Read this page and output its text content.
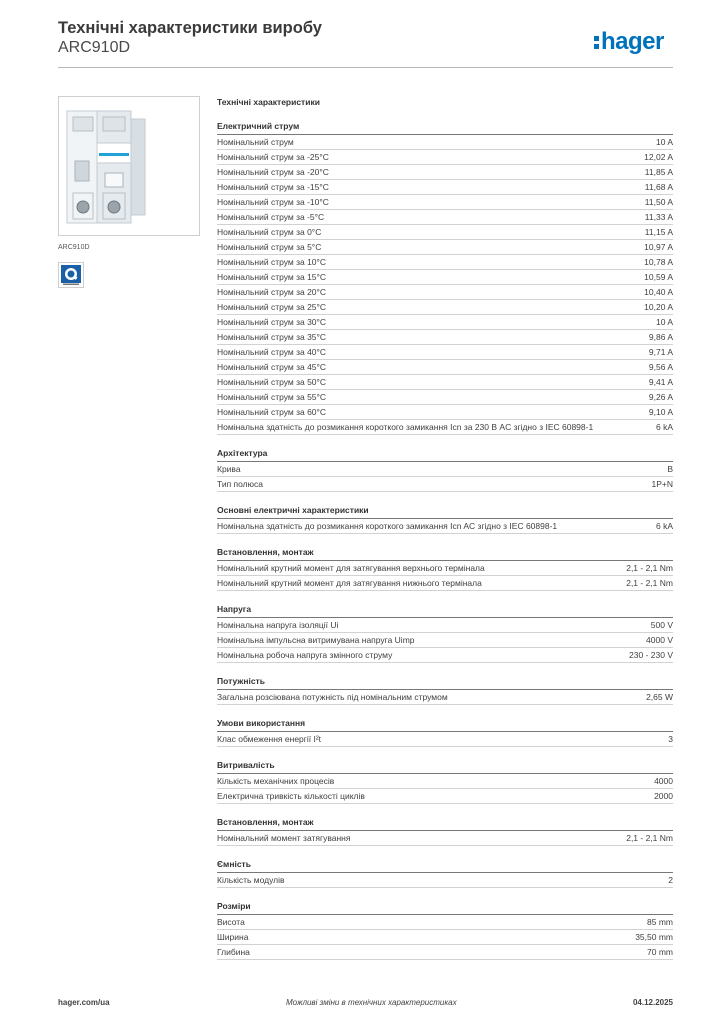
Технічні характеристики виробу
ARC910D	hager
ARC910D
Технічні характеристики
Електричний струм
Номінальний струм	10 A
Номінальний струм за -25°C	12,02 A
Номінальний струм за -20°C	11,85 A
Номінальний струм за -15°C	11,68 A
Номінальний струм за -10°C	11,50 A
Номінальний струм за -5°C	11,33 A
Номінальний струм за 0°C	11,15 A
Номінальний струм за 5°C	10,97 A
Номінальний струм за 10°C	10,78 A
Номінальний струм за 15°C	10,59 A
Номінальний струм за 20°C	10,40 A
Номінальний струм за 25°C	10,20 A
Номінальний струм за 30°C	10 A
Номінальний струм за 35°C	9,86 A
Номінальний струм за 40°C	9,71 A
Номінальний струм за 45°C	9,56 A
Номінальний струм за 50°C	9,41 A
Номінальний струм за 55°C	9,26 A
Номінальний струм за 60°C	9,10 A
Номінальна здатність до розмикання короткого замикання Icn за 230 В AC згідно з IEC 60898-1	6 kA
Архітектура
Крива	B
Тип полюса	1P+N
Основні електричні характеристики
Номінальна здатність до розмикання короткого замикання Icn AC згідно з IEC 60898-1	6 kA
Встановлення, монтаж
Номінальний крутний момент для затягування верхнього термінала	2,1 - 2,1 Nm
Номінальний крутний момент для затягування нижнього термінала	2,1 - 2,1 Nm
Напруга
Номінальна напруга ізоляції Ui	500 V
Номінальна імпульсна витримувана напруга Uimp	4000 V
Номінальна робоча напруга змінного струму	230 - 230 V
Потужність
Загальна розсіювана потужність під номінальним струмом	2,65 W
Умови використання
Клас обмеження енергії I²t	3
Витривалість
Кількість механічних процесів	4000
Електрична тривкість кількості циклів	2000
Встановлення, монтаж
Номінальний момент затягування	2,1 - 2,1 Nm
Ємність
Кількість модулів	2
Розміри
Висота	85 mm
Ширина	35,50 mm
Глибина	70 mm
hager.com/ua	Можливі зміни в технічних характеристиках	04.12.2025
